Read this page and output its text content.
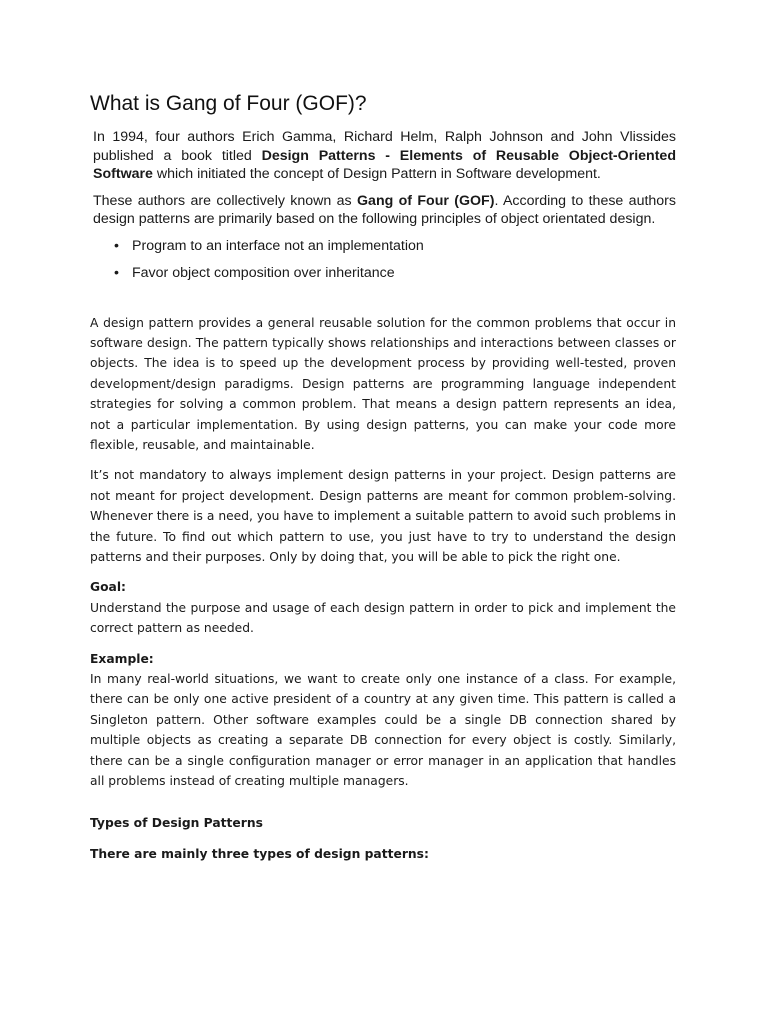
What is Gang of Four (GOF)?

In 1994, four authors Erich Gamma, Richard Helm, Ralph Johnson and John Vlissides published a book titled Design Patterns - Elements of Reusable Object-Oriented Software which initiated the concept of Design Pattern in Software development.

These authors are collectively known as Gang of Four (GOF). According to these authors design patterns are primarily based on the following principles of object orientated design.

• Program to an interface not an implementation
• Favor object composition over inheritance

A design pattern provides a general reusable solution for the common problems that occur in software design. The pattern typically shows relationships and interactions between classes or objects. The idea is to speed up the development process by providing well-tested, proven development/design paradigms. Design patterns are programming language independent strategies for solving a common problem. That means a design pattern represents an idea, not a particular implementation. By using design patterns, you can make your code more flexible, reusable, and maintainable.

It’s not mandatory to always implement design patterns in your project. Design patterns are not meant for project development. Design patterns are meant for common problem-solving. Whenever there is a need, you have to implement a suitable pattern to avoid such problems in the future. To find out which pattern to use, you just have to try to understand the design patterns and their purposes. Only by doing that, you will be able to pick the right one.

Goal:
Understand the purpose and usage of each design pattern in order to pick and implement the correct pattern as needed.

Example:
In many real-world situations, we want to create only one instance of a class. For example, there can be only one active president of a country at any given time. This pattern is called a Singleton pattern. Other software examples could be a single DB connection shared by multiple objects as creating a separate DB connection for every object is costly. Similarly, there can be a single configuration manager or error manager in an application that handles all problems instead of creating multiple managers.

Types of Design Patterns

There are mainly three types of design patterns:
